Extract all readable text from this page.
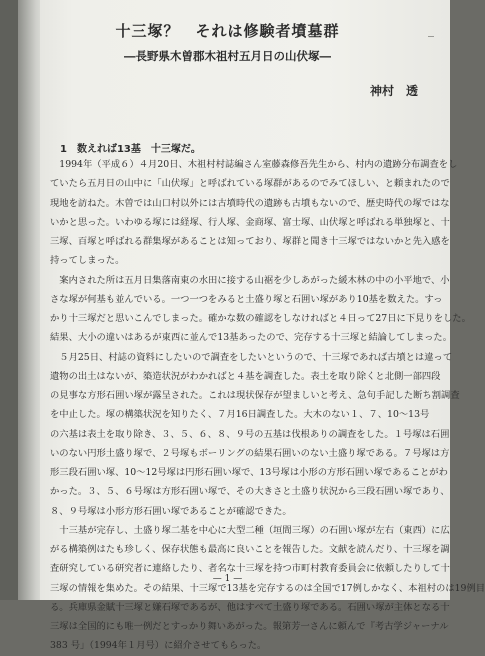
十三塚？　それは修験者墳墓群
―長野県木曽郡木祖村五月日の山伏塚―
神村　透
1　数えれば13基　十三塚だ。
　1994年（平成６）４月20日、木祖村村誌編さん室藤森修吾先生から、村内の遺跡分布調査をし
ていたら五月日の山中に「山伏塚」と呼ばれている塚群があるのでみてほしい、と頼まれたので
現地を訪ねた。木曽では山口村以外には古墳時代の遺跡も古墳もないので、歴史時代の塚ではな
いかと思った。いわゆる塚には経塚、行人塚、金商塚、富士塚、山伏塚と呼ばれる単独塚と、十
三塚、百塚と呼ばれる群集塚があることは知っており、塚群と聞き十三塚ではないかと先入感を
持ってしまった。
　案内された所は五月日集落南東の水田に接する山裾を少しあがった緩木林の中の小平地で、小
さな塚が何基も並んでいる。一つ一つをみると土盛り塚と石囲い塚があり10基を数えた。すっ
かり十三塚だと思いこんでしまった。確かな数の確認をしなければと４日って27日に下見りをした。
結果、大小の違いはあるが東西に並んで13基あったので、完存する十三塚と結論してしまった。
　５月25日、村誌の資料にしたいので調査をしたいというので、十三塚であれば古墳とは違って
遺物の出土はないが、築造状況がわかればと４基を調査した。表土を取り除くと北側一部四段
の見事な方形石囲い塚が露呈された。これは現状保存が望ましいと考え、急句手記した断ち割調査
を中止した。塚の構築状況を知りたく、７月16日調査した。大木のない１、７、10～13号
の六基は表土を取り除き、３、５、６、８、９号の五基は伐根ありの調査をした。１号塚は石囲
いのない円形土盛り塚で、２号塚もボーリングの結果石囲いのない土盛り塚である。７号塚は方
形三段石囲い塚、10～12号塚は円形石囲い塚で、13号塚は小形の方形石囲い塚であることがわ
かった。３、５、６号塚は方形石囲い塚で、その大きさと土盛り状況から三段石囲い塚であり、
８、９号塚は小形方形石囲い塚であることが確認できた。
　十三基が完存し、土盛り塚二基を中心に大型二種（垣間三塚）の石囲い塚が左右（東西）に広
がる構築例はたも珍しく、保存状態も最高に良いことを報告した。文献を読んだり、十三塚を調
査研究している研究者に連絡したり、者名な十三塚を持つ市町村教育委員会に依頼したりして十
三塚の情報を集めた。その結果、十三塚で13基を完存するのは全国で17例しかなく、本祖村のは19例目
る。兵庫県金賦十三塚と嫌石塚であるが、他はすべて土盛り塚である。石囲い塚が主体となる十
三塚は全国的にも唯一例だとすっかり舞いあがった。報第芳一さんに頼んで『考古学ジャーナル
383 号」（1994年１月号）に紹介させてもらった。
— 1 —
